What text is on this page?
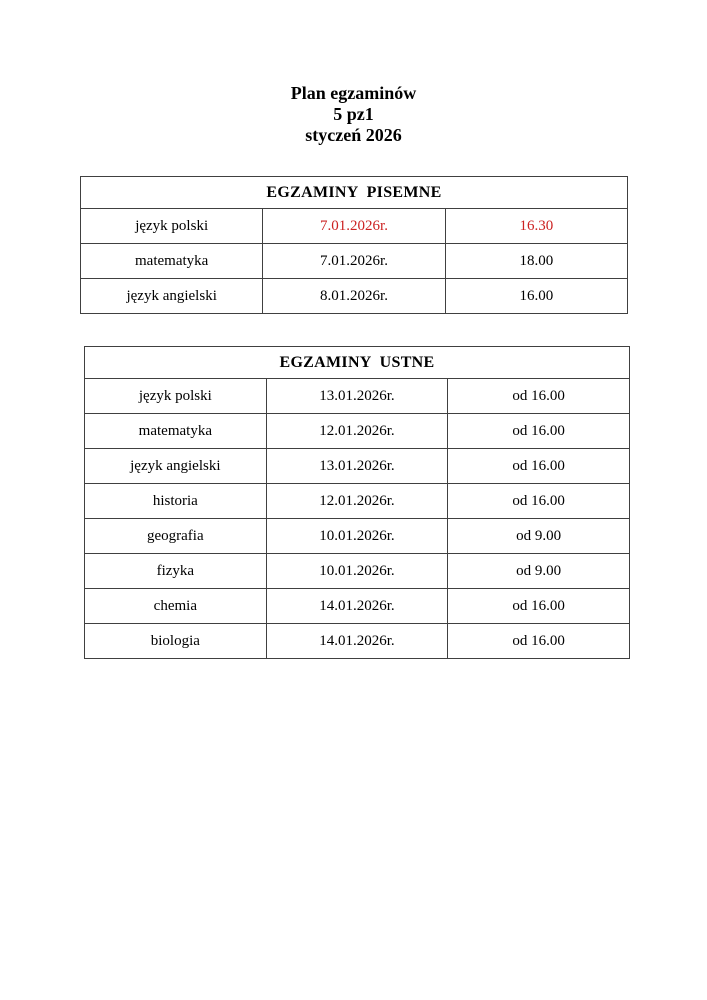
Plan egzaminów
5 pz1
styczeń 2026
EGZAMINY  PISEMNE		
język polski	7.01.2026r.	16.30
matematyka	7.01.2026r.	18.00
język angielski	8.01.2026r.	16.00
EGZAMINY  USTNE		
język polski	13.01.2026r.	od 16.00
matematyka	12.01.2026r.	od 16.00
język angielski	13.01.2026r.	od 16.00
historia	12.01.2026r.	od 16.00
geografia	10.01.2026r.	od 9.00
fizyka	10.01.2026r.	od 9.00
chemia	14.01.2026r.	od 16.00
biologia	14.01.2026r.	od 16.00
